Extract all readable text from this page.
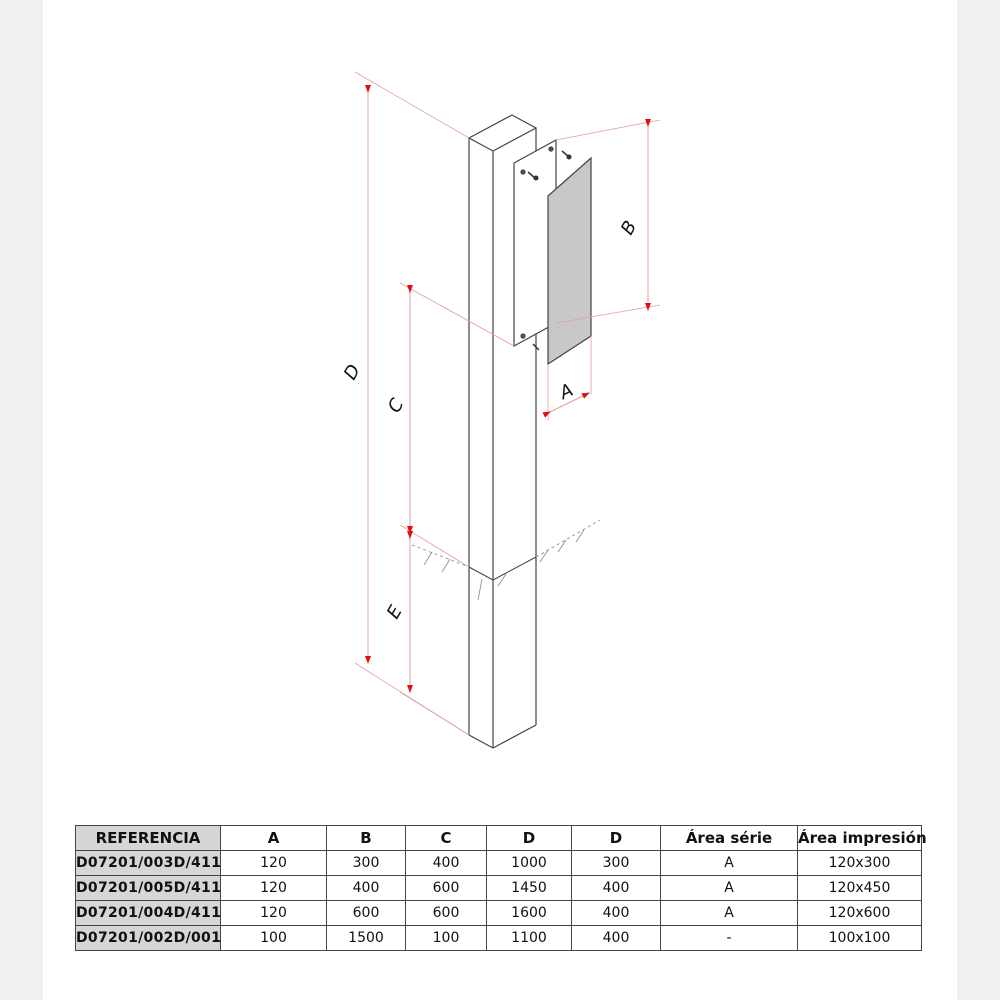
D
C
E
B
A
REFERENCIA	A	B	C	D	D	Área série	Área impresión
D07201/003D/411	120	300	400	1000	300	A	120x300
D07201/005D/411	120	400	600	1450	400	A	120x450
D07201/004D/411	120	600	600	1600	400	A	120x600
D07201/002D/001	100	1500	100	1100	400	-	100x100
